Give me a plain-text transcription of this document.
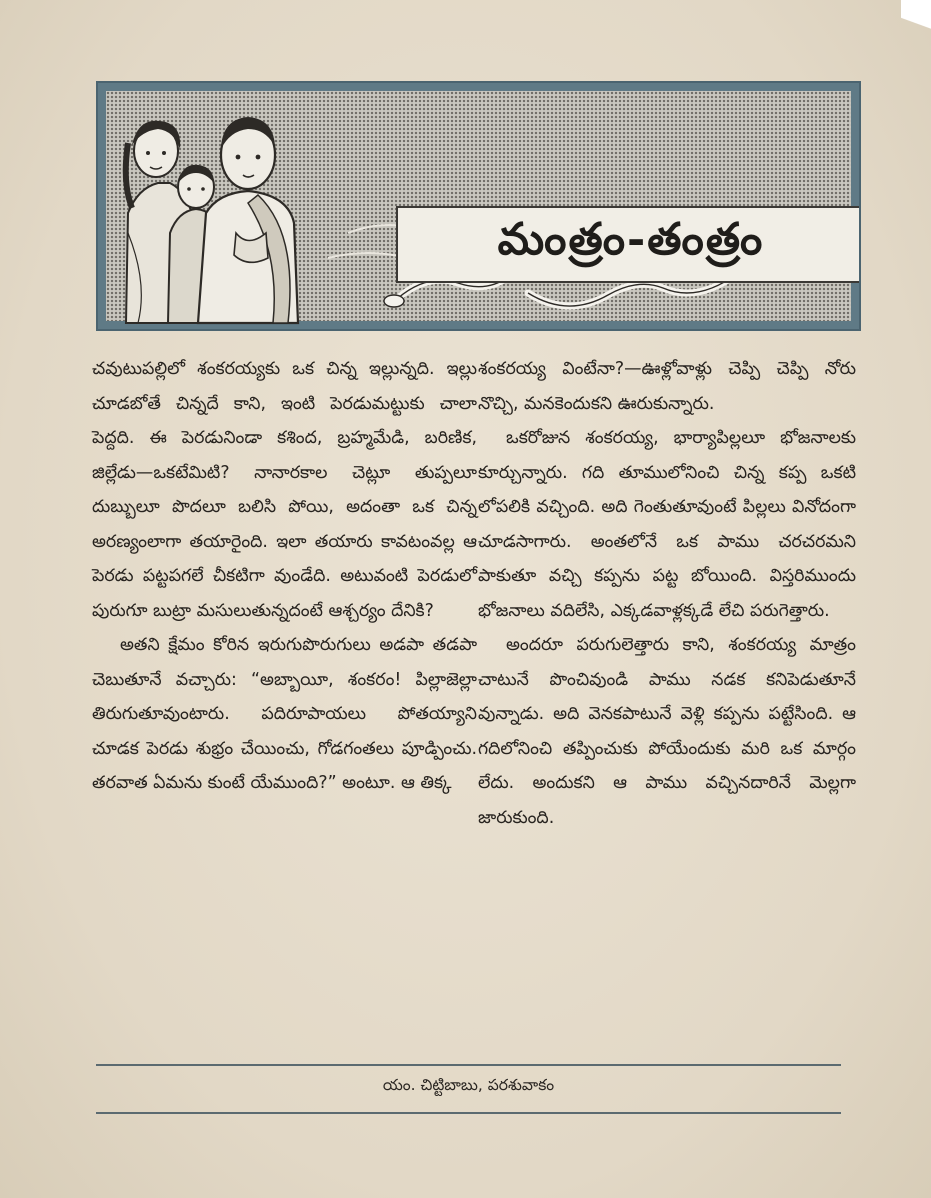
మంత్రం-తంత్రం

చవుటుపల్లిలో శంకరయ్యకు ఒక చిన్న ఇల్లున్నది. ఇల్లు చూడబోతే చిన్నదే కాని, ఇంటి పెరడుమట్టుకు చాలా పెద్దది. ఈ పెరడునిండా కశింద, బ్రహ్మమేడి, బరిణిక, జిల్లేడు—ఒకటేమిటి? నానారకాల చెట్లూ తుప్పలూ దుబ్బులూ పొదలూ బలిసి పోయి, అదంతా ఒక చిన్న అరణ్యంలాగా తయారైంది. ఇలా తయారు కావటంవల్ల ఆ పెరడు పట్టపగలే చీకటిగా వుండేది. అటువంటి పెరడులో పురుగూ బుట్రా మసులుతున్నదంటే ఆశ్చర్యం దేనికి?

అతని క్షేమం కోరిన ఇరుగుపొరుగులు అడపా తడపా చెబుతూనే వచ్చారు: “అబ్బాయీ, శంకరం! పిల్లాజెల్లా తిరుగుతూవుంటారు. పదిరూపాయలు పోతయ్యాని చూడక పెరడు శుభ్రం చేయించు, గోడగంతలు పూడ్పించు. తరవాత ఏమను కుంటే యేముంది?” అంటూ. ఆ తిక్క

శంకరయ్య వింటేనా?—ఊళ్లోవాళ్లు చెప్పి చెప్పి నోరు నొచ్చి, మనకెందుకని ఊరుకున్నారు.

ఒకరోజున శంకరయ్య, భార్యాపిల్లలూ భోజనాలకు కూర్చున్నారు. గది తూములోనించి చిన్న కప్ప ఒకటి లోపలికి వచ్చింది. అది గెంతుతూవుంటే పిల్లలు వినోదంగా చూడసాగారు. అంతలోనే ఒక పాము చరచరమని పాకుతూ వచ్చి కప్పను పట్ట బోయింది. విస్తరిముందు భోజనాలు వదిలేసి, ఎక్కడవాళ్లక్కడే లేచి పరుగెత్తారు.

అందరూ పరుగులెత్తారు కాని, శంకరయ్య మాత్రం చాటునే పొంచివుండి పాము నడక కనిపెడుతూనే వున్నాడు. అది వెనకపాటునే వెళ్లి కప్పను పట్టేసింది. ఆ గదిలోనించి తప్పించుకు పోయేందుకు మరి ఒక మార్గం లేదు. అందుకని ఆ పాము వచ్చినదారినే మెల్లగా జారుకుంది.

యం. చిట్టిబాబు, పరశువాకం
